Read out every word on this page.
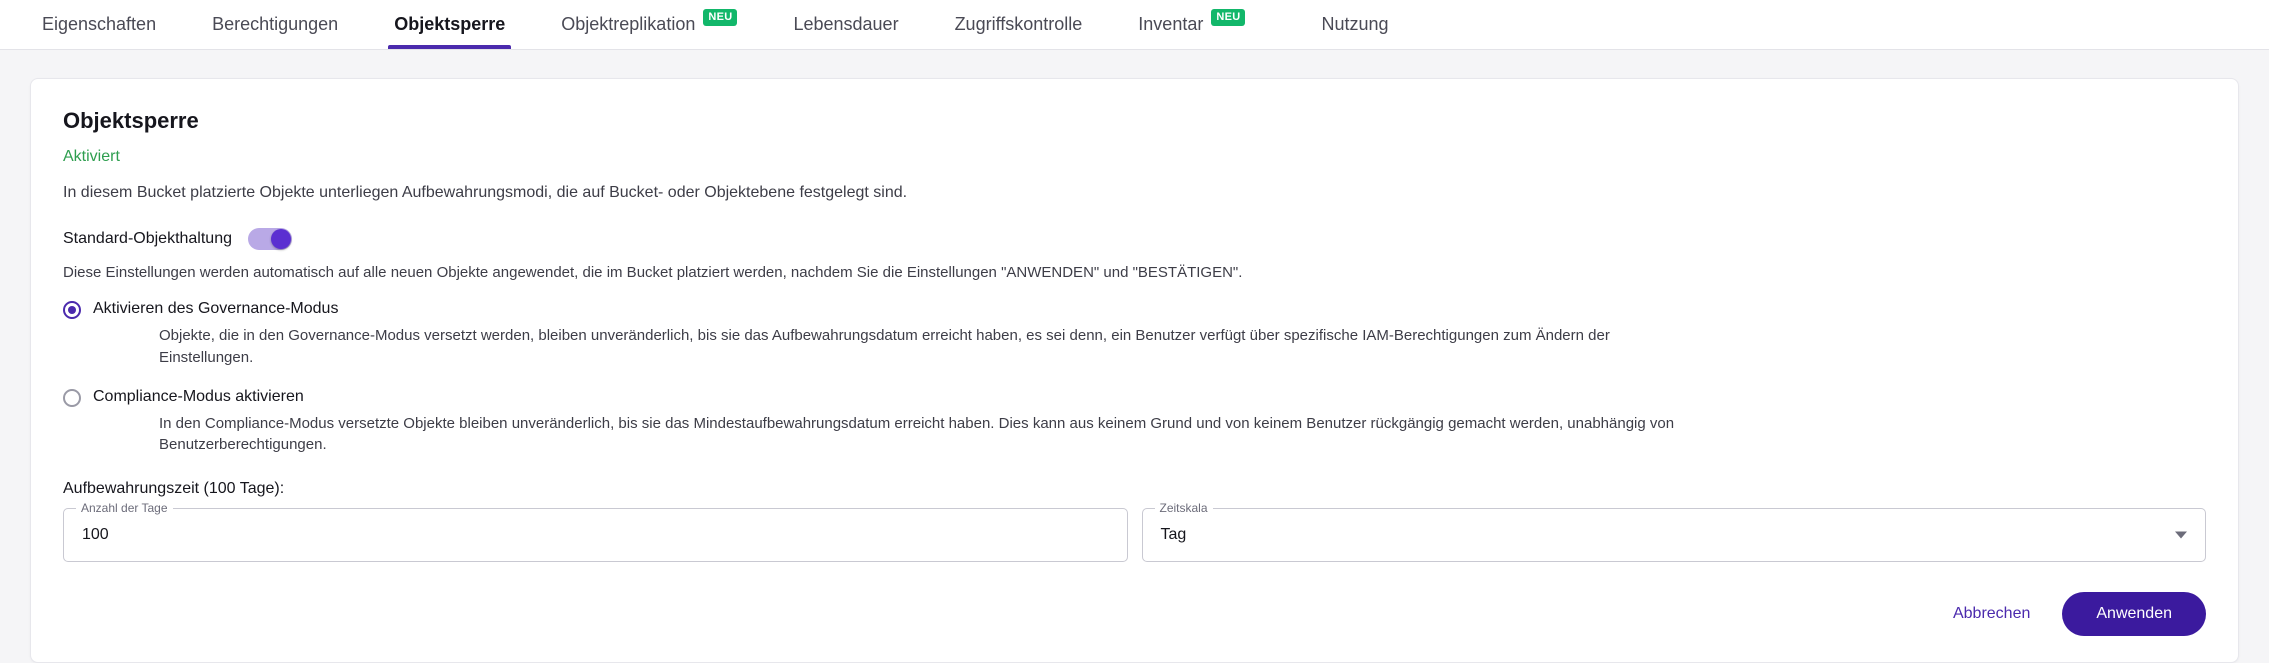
Eigenschaften	Berechtigungen	Objektsperre	Objektreplikation	NEU	Lebensdauer	Zugriffskontrolle	Inventar	NEU	Nutzung
Objektsperre
Aktiviert
In diesem Bucket platzierte Objekte unterliegen Aufbewahrungsmodi, die auf Bucket- oder Objektebene festgelegt sind.
Standard-Objekthaltung
Diese Einstellungen werden automatisch auf alle neuen Objekte angewendet, die im Bucket platziert werden, nachdem Sie die Einstellungen "ANWENDEN" und "BESTÄTIGEN".
Aktivieren des Governance-Modus
Objekte, die in den Governance-Modus versetzt werden, bleiben unveränderlich, bis sie das Aufbewahrungsdatum erreicht haben, es sei denn, ein Benutzer verfügt über spezifische IAM-Berechtigungen zum Ändern der Einstellungen.
Compliance-Modus aktivieren
In den Compliance-Modus versetzte Objekte bleiben unveränderlich, bis sie das Mindestaufbewahrungsdatum erreicht haben. Dies kann aus keinem Grund und von keinem Benutzer rückgängig gemacht werden, unabhängig von Benutzerberechtigungen.
Aufbewahrungszeit (100 Tage):
Anzahl der Tage
100
Zeitskala
Tag
Abbrechen	Anwenden
